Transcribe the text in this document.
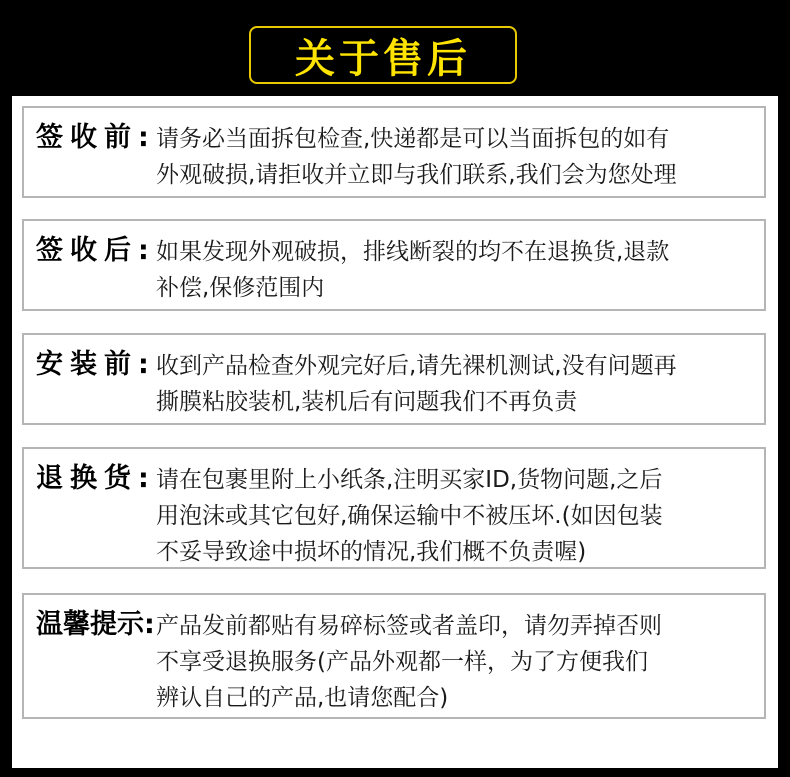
关于售后
签收前: 请务必当面拆包检查,快递都是可以当面拆包的如有
外观破损,请拒收并立即与我们联系,我们会为您处理
签收后: 如果发现外观破损，排线断裂的均不在退换货,退款
补偿,保修范围内
安装前: 收到产品检查外观完好后,请先裸机测试,没有问题再
撕膜粘胶装机,装机后有问题我们不再负责
退换货: 请在包裹里附上小纸条,注明买家ID,货物问题,之后
用泡沫或其它包好,确保运输中不被压坏.(如因包装
不妥导致途中损坏的情况,我们概不负责喔)
温馨提示: 产品发前都贴有易碎标签或者盖印，请勿弄掉否则
不享受退换服务(产品外观都一样，为了方便我们
辨认自己的产品,也请您配合)
